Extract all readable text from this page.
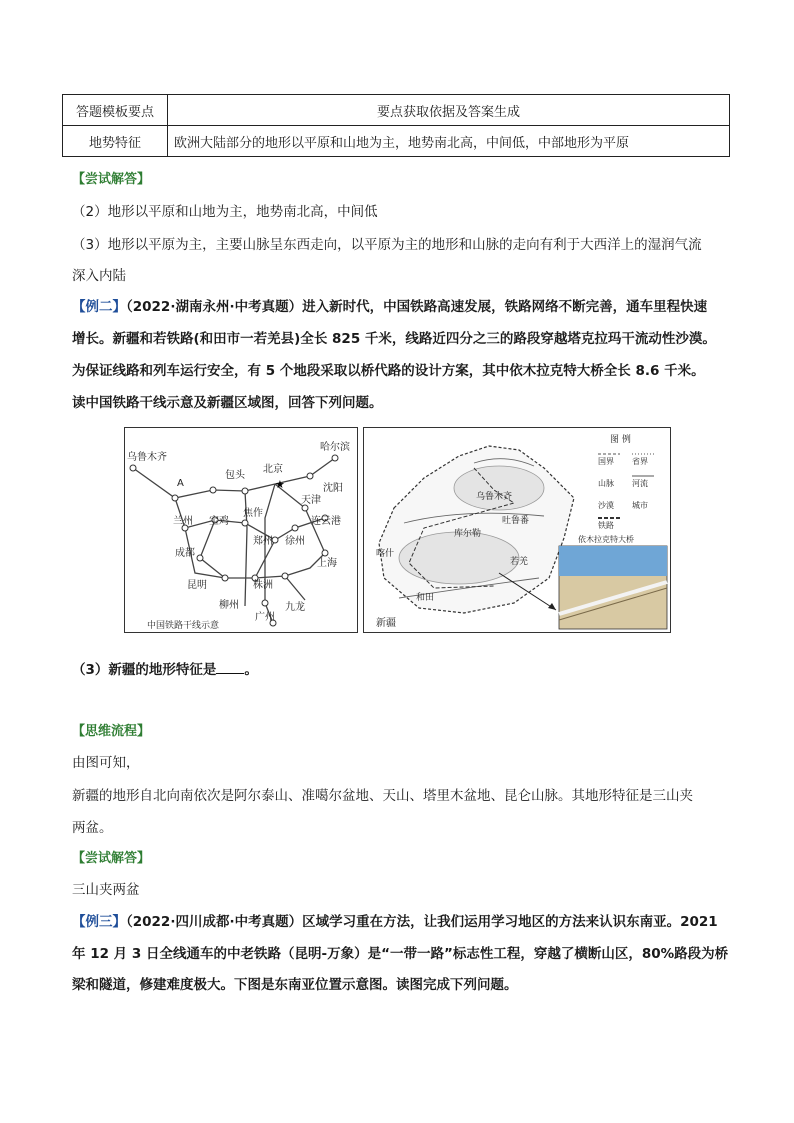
答题模板要点	要点获取依据及答案生成
地势特征	欧洲大陆部分的地形以平原和山地为主，地势南北高，中间低，中部地形为平原
【尝试解答】
（2）地形以平原和山地为主，地势南北高，中间低
（3）地形以平原为主，主要山脉呈东西走向，以平原为主的地形和山脉的走向有利于大西洋上的湿润气流
深入内陆
【例二】（2022·湖南永州·中考真题）进入新时代，中国铁路高速发展，铁路网络不断完善，通车里程快速
增长。新疆和若铁路(和田市一若羌县)全长 825 千米，线路近四分之三的路段穿越塔克拉玛干流动性沙漠。
为保证线路和列车运行安全，有 5 个地段采取以桥代路的设计方案，其中依木拉克特大桥全长 8.6 千米。
读中国铁路干线示意及新疆区域图，回答下列问题。
★
乌鲁木齐
A
包头
北京
哈尔滨
沈阳
天津
兰州 宝鸡
焦作
连云港
成都
郑州 徐州
上海
昆明	株洲
柳州
广州
九龙
中国铁路干线示意
乌鲁木齐
吐鲁番
库尔勒
喀什
若羌
和田
新疆
图 例
国界 省界
山脉 河流
沙漠 城市
铁路
依木拉克特大桥
（3）新疆的地形特征是 。
【思维流程】
由图可知，
新疆的地形自北向南依次是阿尔泰山、准噶尔盆地、天山、塔里木盆地、昆仑山脉。其地形特征是三山夹
两盆。
【尝试解答】
三山夹两盆
【例三】（2022·四川成都·中考真题）区域学习重在方法，让我们运用学习地区的方法来认识东南亚。2021
年 12 月 3 日全线通车的中老铁路（昆明-万象）是“一带一路”标志性工程，穿越了横断山区，80%路段为桥
梁和隧道，修建难度极大。下图是东南亚位置示意图。读图完成下列问题。
